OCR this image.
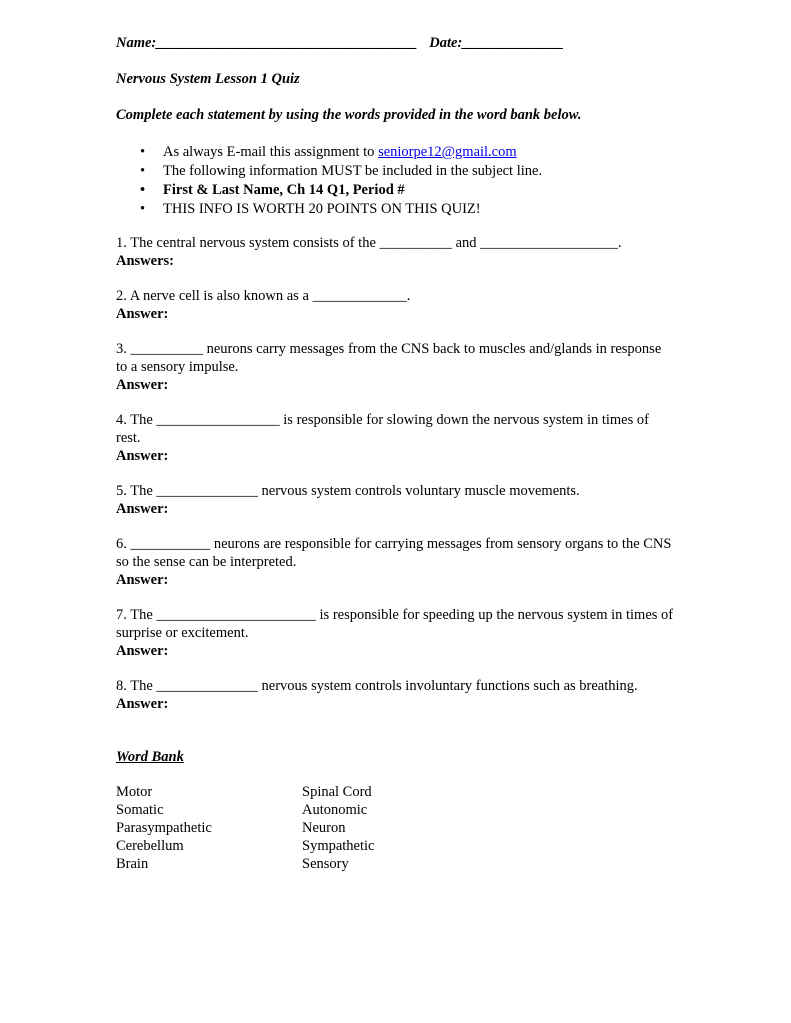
Name:____________________________________ Date:______________
Nervous System Lesson 1 Quiz
Complete each statement by using the words provided in the word bank below.
• As always E-mail this assignment to seniorpe12@gmail.com
• The following information MUST be included in the subject line.
• First & Last Name, Ch 14 Q1, Period #
• THIS INFO IS WORTH 20 POINTS ON THIS QUIZ!
1. The central nervous system consists of the __________ and ___________________.
Answers:
2. A nerve cell is also known as a _____________.
Answer:
3. __________ neurons carry messages from the CNS back to muscles and/glands in response to a sensory impulse.
Answer:
4. The _________________ is responsible for slowing down the nervous system in times of rest.
Answer:
5. The ______________ nervous system controls voluntary muscle movements.
Answer:
6. ___________ neurons are responsible for carrying messages from sensory organs to the CNS so the sense can be interpreted.
Answer:
7. The ______________________ is responsible for speeding up the nervous system in times of surprise or excitement.
Answer:
8. The ______________ nervous system controls involuntary functions such as breathing.
Answer:
Word Bank
Motor	Spinal Cord
Somatic	Autonomic
Parasympathetic	Neuron
Cerebellum	Sympathetic
Brain	Sensory
